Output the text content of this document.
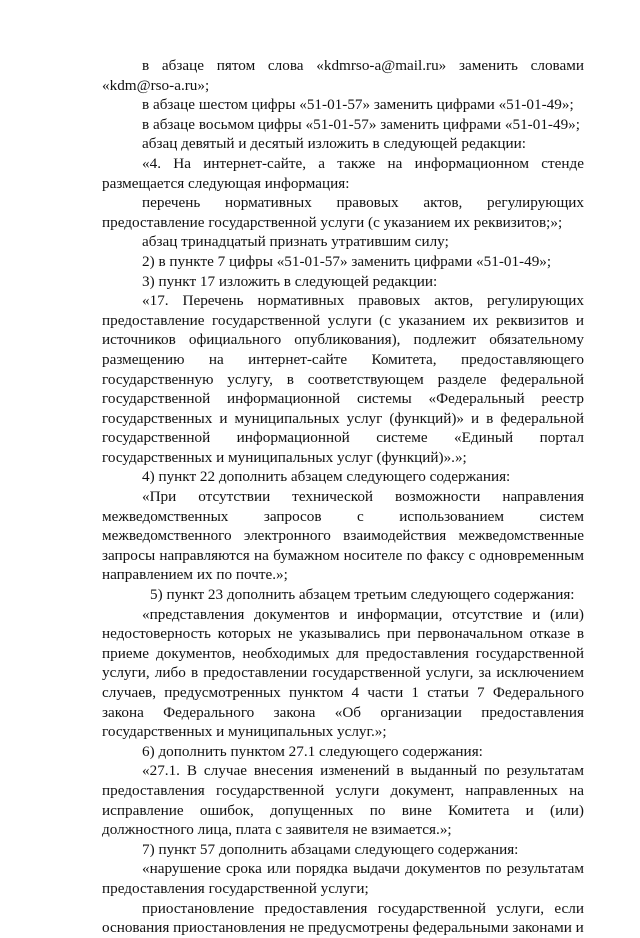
в абзаце пятом слова «kdmrso-a@mail.ru» заменить словами «kdm@rso-a.ru»;

в абзаце шестом цифры «51-01-57» заменить цифрами «51-01-49»;

в абзаце восьмом цифры «51-01-57» заменить цифрами «51-01-49»;

абзац девятый и десятый изложить в следующей редакции:

«4. На интернет-сайте, а также на информационном стенде размещается следующая информация:

перечень нормативных правовых актов, регулирующих предоставление государственной услуги (с указанием их реквизитов;»;

абзац тринадцатый признать утратившим силу;

2) в пункте 7 цифры «51-01-57» заменить цифрами «51-01-49»;

3) пункт 17 изложить в следующей редакции:

«17. Перечень нормативных правовых актов, регулирующих предоставление государственной услуги (с указанием их реквизитов и источников официального опубликования), подлежит обязательному размещению на интернет-сайте Комитета, предоставляющего государственную услугу, в соответствующем разделе федеральной государственной информационной системы «Федеральный реестр государственных и муниципальных услуг (функций)» и в федеральной государственной информационной системе «Единый портал государственных и муниципальных услуг (функций)».»;

4) пункт 22 дополнить абзацем следующего содержания:

«При отсутствии технической возможности направления межведомственных запросов с использованием систем межведомственного электронного взаимодействия межведомственные запросы направляются на бумажном носителе по факсу с одновременным направлением их по почте.»;

5) пункт 23 дополнить абзацем третьим следующего содержания:

«представления документов и информации, отсутствие и (или) недостоверность которых не указывались при первоначальном отказе в приеме документов, необходимых для предоставления государственной услуги, либо в предоставлении государственной услуги, за исключением случаев, предусмотренных пунктом 4 части 1 статьи 7 Федерального закона Федерального закона «Об организации предоставления государственных и муниципальных услуг.»;

6) дополнить пунктом 27.1 следующего содержания:

«27.1. В случае внесения изменений в выданный по результатам предоставления государственной услуги документ, направленных на исправление ошибок, допущенных по вине Комитета и (или) должностного лица, плата с заявителя не взимается.»;

7) пункт 57 дополнить абзацами следующего содержания:

«нарушение срока или порядка выдачи документов по результатам предоставления государственной услуги;

приостановление предоставления государственной услуги, если основания приостановления не предусмотрены федеральными законами и
